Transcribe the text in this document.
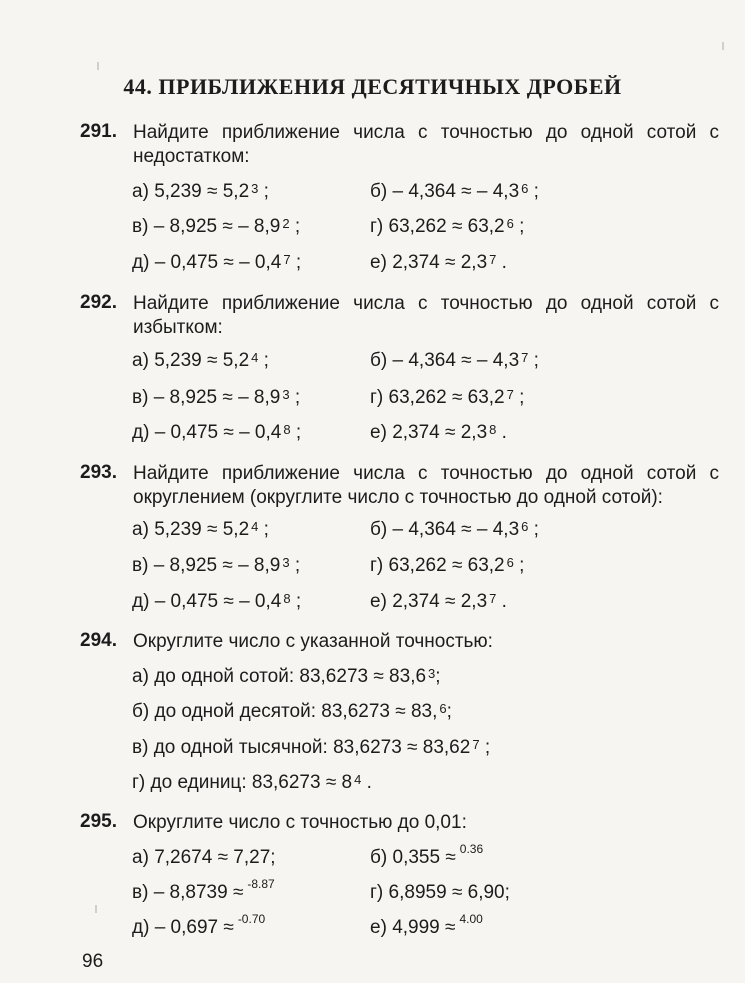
44. ПРИБЛИЖЕНИЯ ДЕСЯТИЧНЫХ ДРОБЕЙ
291. Найдите приближение числа с точностью до одной сотой с недостатком:
а) 5,239 ≈ 5,2 $^3$ ;	б) – 4,364 ≈ – 4,3 $^6$ ;
в) – 8,925 ≈ – 8,9 $^2$ ;	г) 63,262 ≈ 63,2 $^6$ ;
д) – 0,475 ≈ – 0,4 $^7$ ;	е) 2,374 ≈ 2,3 $^7$ .
292. Найдите приближение числа с точностью до одной сотой с избытком:
а) 5,239 ≈ 5,2 $^4$ ;	б) – 4,364 ≈ – 4,3 $^7$ ;
в) – 8,925 ≈ – 8,9 $^3$ ;	г) 63,262 ≈ 63,2 $^7$ ;
д) – 0,475 ≈ – 0,4 $^8$ ;	е) 2,374 ≈ 2,3 $^8$ .
293. Найдите приближение числа с точностью до одной сотой с округлением (округлите число с точностью до одной сотой):
а) 5,239 ≈ 5,2 $^4$ ;	б) – 4,364 ≈ – 4,3 $^6$ ;
в) – 8,925 ≈ – 8,9 $^3$ ;	г) 63,262 ≈ 63,2 $^6$ ;
д) – 0,475 ≈ – 0,4 $^8$ ;	е) 2,374 ≈ 2,3 $^7$ .
294. Округлите число с указанной точностью:
а) до одной сотой: 83,6273 ≈ 83,6 $^3$;
б) до одной десятой: 83,6273 ≈ 83, $^6$;
в) до одной тысячной: 83,6273 ≈ 83,62 $^7$ ;
г) до единиц: 83,6273 ≈ 8 $^4$ .
295. Округлите число с точностью до 0,01:
а) 7,2674 ≈ 7,27;	б) 0,355 ≈ $^{0.36}$
в) – 8,8739 ≈ $^{-8.87}$	г) 6,8959 ≈ 6,90;
д) – 0,697 ≈ $^{-0.70}$	е) 4,999 ≈ $^{4.00}$
96
